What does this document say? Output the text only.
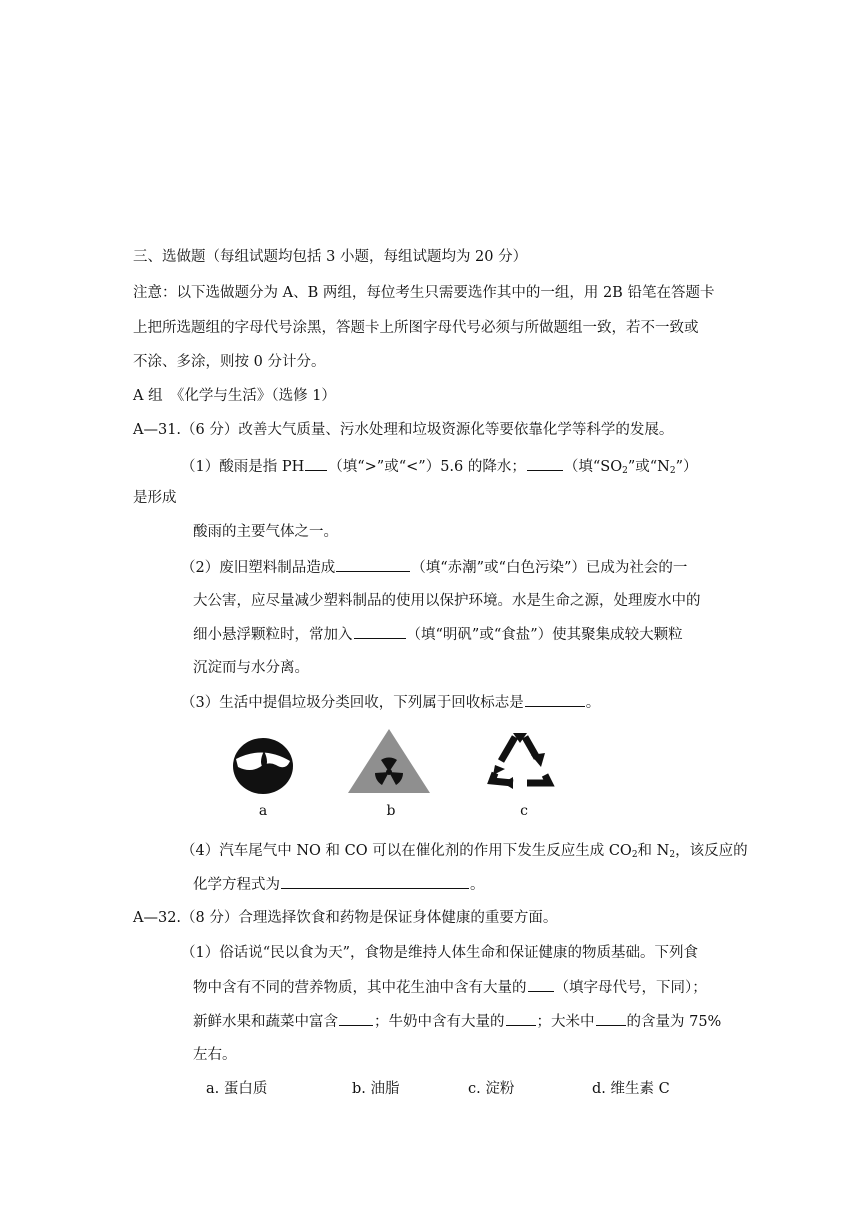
三、选做题（每组试题均包括 3 小题，每组试题均为 20 分）
注意：以下选做题分为 A、B 两组，每位考生只需要选作其中的一组，用 2B 铅笔在答题卡
上把所选题组的字母代号涂黑，答题卡上所图字母代号必须与所做题组一致，若不一致或
不涂、多涂，则按 0 分计分。
A 组　《化学与生活》（选修 1）
A—31.（6 分）改善大气质量、污水处理和垃圾资源化等要依靠化学等科学的发展。
（1）酸雨是指 PH （填“>”或“<”）5.6 的降水；	（填“$SO_2$”或“$N_2$”）
是形成
酸雨的主要气体之一。
（2）废旧塑料制品造成	（填“赤潮”或“白色污染”）已成为社会的一
大公害，应尽量减少塑料制品的使用以保护环境。水是生命之源，处理废水中的
细小悬浮颗粒时，常加入	（填“明矾”或“食盐”）使其聚集成较大颗粒
沉淀而与水分离。
（3）生活中提倡垃圾分类回收，下列属于回收标志是	。
a	b	c
（4）汽车尾气中 NO 和 CO 可以在催化剂的作用下发生反应生成 $CO_2$和 $N_2$，该反应的
化学方程式为	。
A—32.（8 分）合理选择饮食和药物是保证身体健康的重要方面。
（1）俗话说“民以食为天”，食物是维持人体生命和保证健康的物质基础。下列食
物中含有不同的营养物质，其中花生油中含有大量的 （填字母代号，下同）；
新鲜水果和蔬菜中富含 ；牛奶中含有大量的 ；大米中 的含量为 75%
左右。
a. 蛋白质	b. 油脂	c. 淀粉	d. 维生素 C
